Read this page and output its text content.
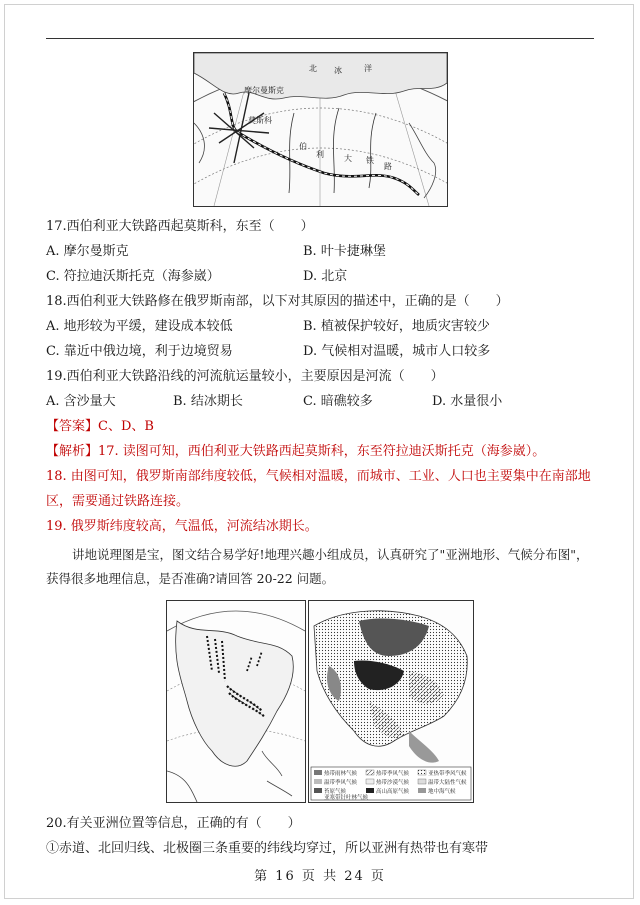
北 冰	洋
摩尔曼斯克
莫斯科
伯
利	大 铁
路
17.西伯利亚大铁路西起莫斯科，东至（　　）
A. 摩尔曼斯克	B. 叶卡捷琳堡
C. 符拉迪沃斯托克（海参崴）	D. 北京
18.西伯利亚大铁路修在俄罗斯南部，以下对其原因的描述中，正确的是（　　）
A. 地形较为平缓，建设成本较低	B. 植被保护较好，地质灾害较少
C. 靠近中俄边境，利于边境贸易	D. 气候相对温暖，城市人口较多
19.西伯利亚大铁路沿线的河流航运量较小，主要原因是河流（　　）
A. 含沙量大	B. 结冰期长	C. 暗礁较多	D. 水量很小
【答案】C、D、B
【解析】17. 读图可知，西伯利亚大铁路西起莫斯科，东至符拉迪沃斯托克（海参崴）。
18. 由图可知，俄罗斯南部纬度较低，气候相对温暖，而城市、工业、人口也主要集中在南部地
区，需要通过铁路连接。
19. 俄罗斯纬度较高，气温低，河流结冰期长。
讲地说理图是宝，图文结合易学好!地理兴趣小组成员，认真研究了"亚洲地形、气候分布图"，
获得很多地理信息，是否准确?请回答 20-22 问题。
热带雨林气候	热带季风气候	亚热带季风气候
温带季风气候	热带沙漠气候	温带大陆性气候
苔原气候	高山高原气候	地中海气候
亚寒带针叶林气候
20.有关亚洲位置等信息，正确的有（　　）
①赤道、北回归线、北极圈三条重要的纬线均穿过，所以亚洲有热带也有寒带
第 16 页 共 24 页
